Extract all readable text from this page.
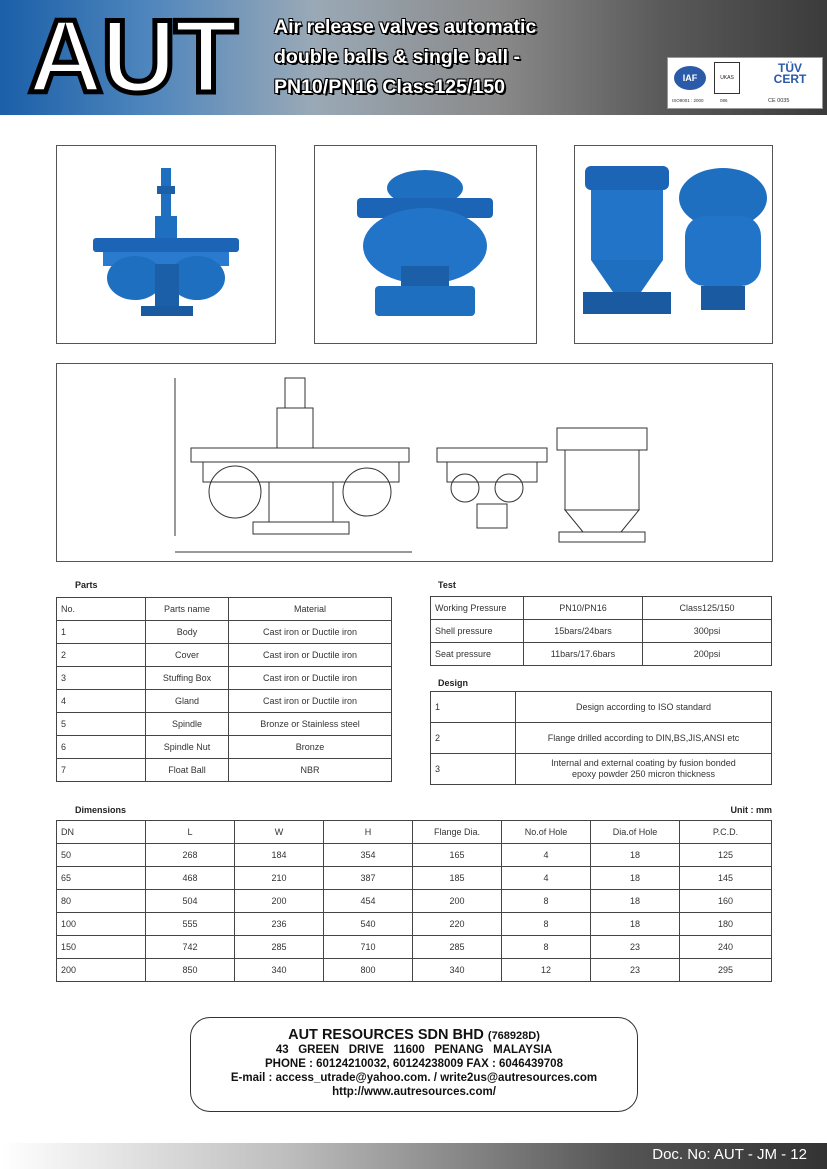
AUT Air release valves automatic
double balls & single ball -
PN10/PN16 Class125/150	IAF
ISO9001 : 2000
UKAS
086
TÜV
CERT
CE 0035
Parts
No.	Parts name	Material
1	Body	Cast iron or Ductile iron
2	Cover	Cast iron or Ductile iron
3	Stuffing Box	Cast iron or Ductile iron
4	Gland	Cast iron or Ductile iron
5	Spindle	Bronze or Stainless steel
6	Spindle Nut	Bronze
7	Float Ball	NBR
Test
Working Pressure	PN10/PN16	Class125/150
Shell pressure	15bars/24bars	300psi
Seat pressure	11bars/17.6bars	200psi
Design
1	Design according to ISO standard
2	Flange drilled according to DIN,BS,JIS,ANSI etc
3	Internal and external coating by fusion bonded
epoxy powder 250 micron thickness
Dimensions	Unit : mm
DN	L	W	H	Flange Dia.	No.of Hole	Dia.of Hole	P.C.D.
50	268	184	354	165	4	18	125
65	468	210	387	185	4	18	145
80	504	200	454	200	8	18	160
100	555	236	540	220	8	18	180
150	742	285	710	285	8	23	240
200	850	340	800	340	12	23	295
AUT RESOURCES SDN BHD (768928D)
43   GREEN   DRIVE   11600   PENANG   MALAYSIA
PHONE : 60124210032, 60124238009 FAX : 6046439708
E-mail : access_utrade@yahoo.com. / write2us@autresources.com
http://www.autresources.com/
Doc. No: AUT - JM - 12
